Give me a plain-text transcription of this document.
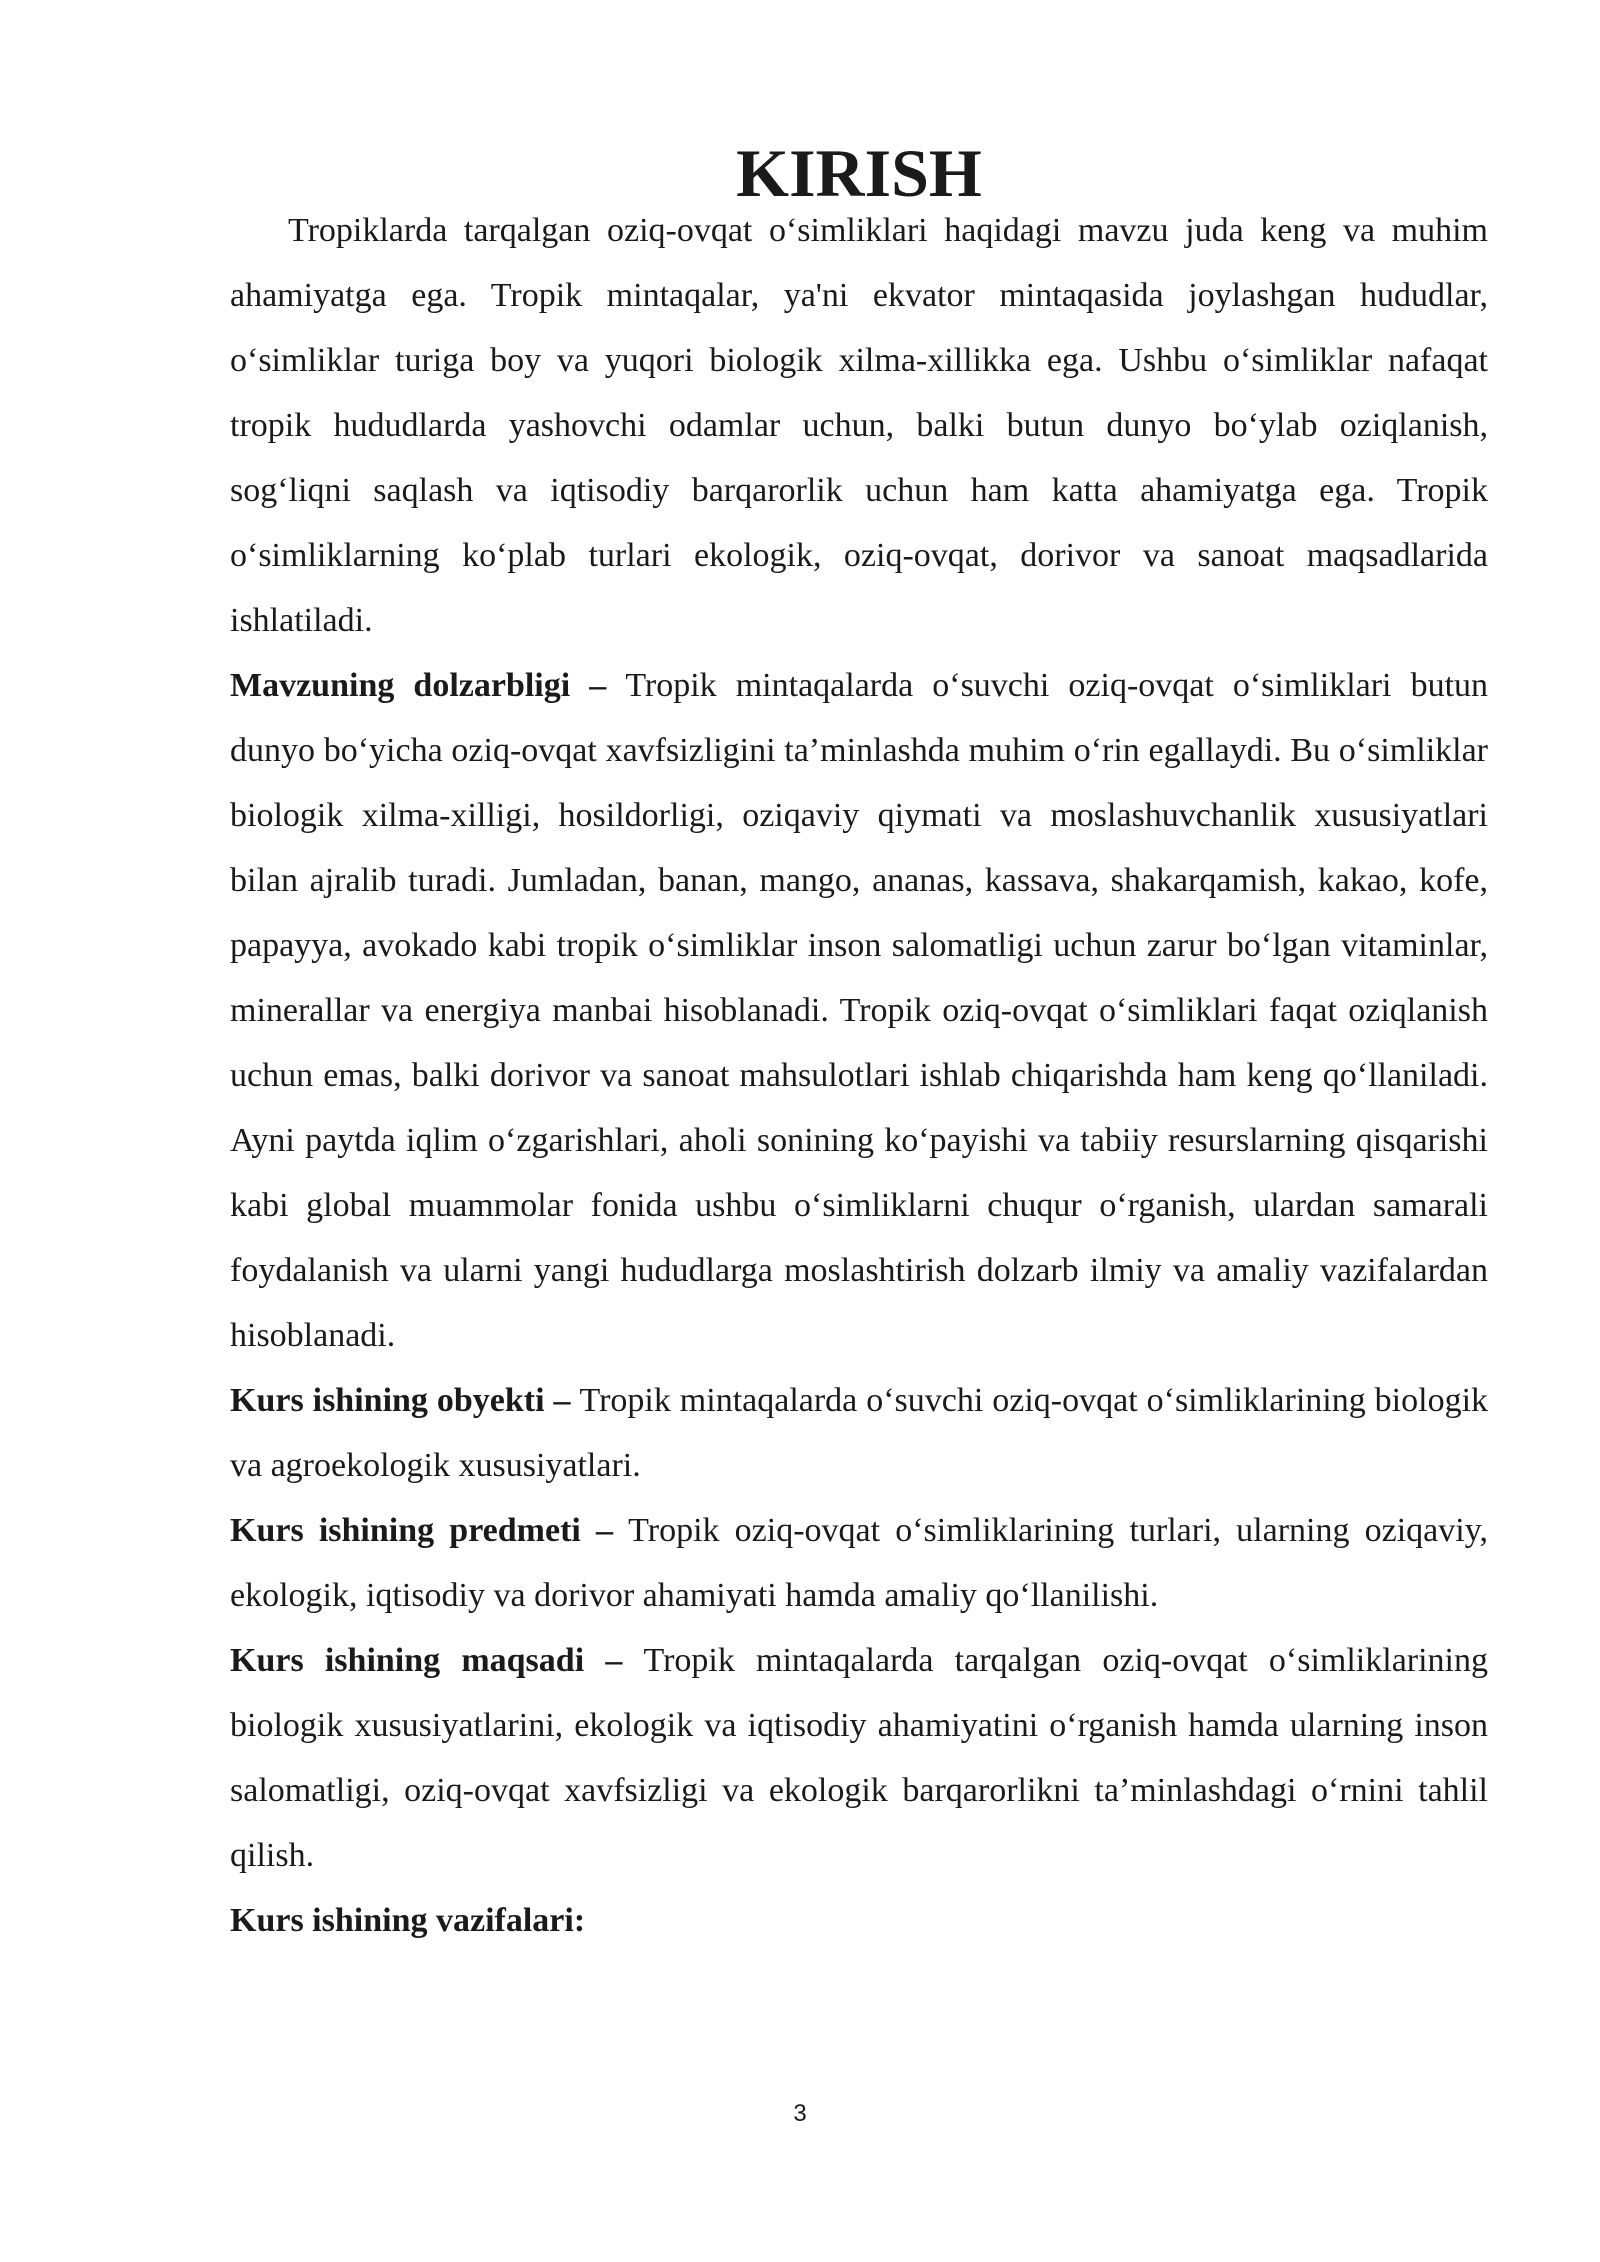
KIRISH

Tropiklarda tarqalgan oziq-ovqat o‘simliklari haqidagi mavzu juda keng va muhim ahamiyatga ega. Tropik mintaqalar, ya'ni ekvator mintaqasida joylashgan hududlar, o‘simliklar turiga boy va yuqori biologik xilma-xillikka ega. Ushbu o‘simliklar nafaqat tropik hududlarda yashovchi odamlar uchun, balki butun dunyo bo‘ylab oziqlanish, sog‘liqni saqlash va iqtisodiy barqarorlik uchun ham katta ahamiyatga ega. Tropik o‘simliklarning ko‘plab turlari ekologik, oziq-ovqat, dorivor va sanoat maqsadlarida ishlatiladi.

Mavzuning dolzarbligi – Tropik mintaqalarda o‘suvchi oziq-ovqat o‘simliklari butun dunyo bo‘yicha oziq-ovqat xavfsizligini ta’minlashda muhim o‘rin egallaydi. Bu o‘simliklar biologik xilma-xilligi, hosildorligi, oziqaviy qiymati va moslashuvchanlik xususiyatlari bilan ajralib turadi. Jumladan, banan, mango, ananas, kassava, shakarqamish, kakao, kofe, papayya, avokado kabi tropik o‘simliklar inson salomatligi uchun zarur bo‘lgan vitaminlar, minerallar va energiya manbai hisoblanadi. Tropik oziq-ovqat o‘simliklari faqat oziqlanish uchun emas, balki dorivor va sanoat mahsulotlari ishlab chiqarishda ham keng qo‘llaniladi. Ayni paytda iqlim o‘zgarishlari, aholi sonining ko‘payishi va tabiiy resurslarning qisqarishi kabi global muammolar fonida ushbu o‘simliklarni chuqur o‘rganish, ulardan samarali foydalanish va ularni yangi hududlarga moslashtirish dolzarb ilmiy va amaliy vazifalardan hisoblanadi.

Kurs ishining obyekti – Tropik mintaqalarda o‘suvchi oziq-ovqat o‘simliklarining biologik va agroekologik xususiyatlari.

Kurs ishining predmeti – Tropik oziq-ovqat o‘simliklarining turlari, ularning oziqaviy, ekologik, iqtisodiy va dorivor ahamiyati hamda amaliy qo‘llanilishi.

Kurs ishining maqsadi – Tropik mintaqalarda tarqalgan oziq-ovqat o‘simliklarining biologik xususiyatlarini, ekologik va iqtisodiy ahamiyatini o‘rganish hamda ularning inson salomatligi, oziq-ovqat xavfsizligi va ekologik barqarorlikni ta’minlashdagi o‘rnini tahlil qilish.

Kurs ishining vazifalari:

3
